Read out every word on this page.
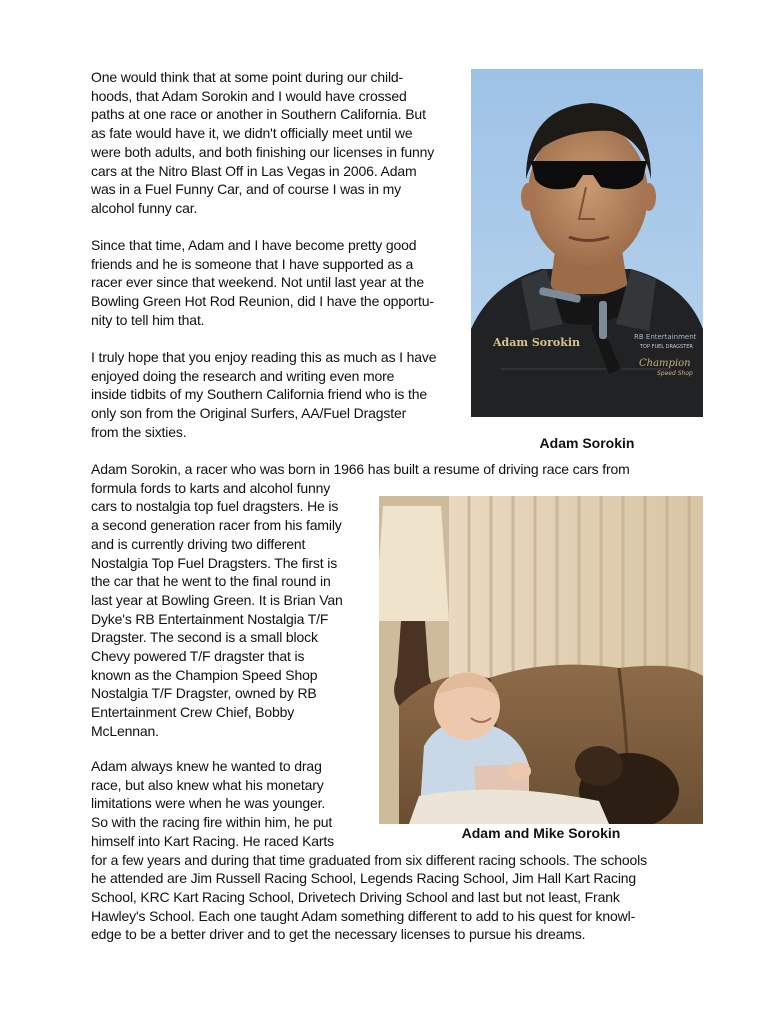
One would think that at some point during our child-
hoods, that Adam Sorokin and I would have crossed
paths at one race or another in Southern California. But
as fate would have it, we didn't officially meet until we
were both adults, and both finishing our licenses in funny
cars at the Nitro Blast Off in Las Vegas in 2006. Adam
was in a Fuel Funny Car, and of course I was in my
alcohol funny car.
Since that time, Adam and I have become pretty good
friends and he is someone that I have supported as a
racer ever since that weekend. Not until last year at the
Bowling Green Hot Rod Reunion, did I have the opportu-
nity to tell him that.
I truly hope that you enjoy reading this as much as I have
enjoyed doing the research and writing even more
inside tidbits of my Southern California friend who is the
only son from the Original Surfers, AA/Fuel Dragster
from the sixties.
Adam Sorokin	RB Entertainment
TOP FUEL DRAGSTER
Champion
Speed Shop

Adam Sorokin

Adam Sorokin, a racer who was born in 1966 has built a resume of driving race cars from
formula fords to karts and alcohol funny
cars to nostalgia top fuel dragsters. He is
a second generation racer from his family
and is currently driving two different
Nostalgia Top Fuel Dragsters. The first is
the car that he went to the final round in
last year at Bowling Green. It is Brian Van
Dyke's RB Entertainment Nostalgia T/F
Dragster. The second is a small block
Chevy powered T/F dragster that is
known as the Champion Speed Shop
Nostalgia T/F Dragster, owned by RB
Entertainment Crew Chief, Bobby
McLennan.

Adam and Mike Sorokin

Adam always knew he wanted to drag
race, but also knew what his monetary
limitations were when he was younger.
So with the racing fire within him, he put
himself into Kart Racing. He raced Karts
for a few years and during that time graduated from six different racing schools. The schools
he attended are Jim Russell Racing School, Legends Racing School, Jim Hall Kart Racing
School, KRC Kart Racing School, Drivetech Driving School and last but not least, Frank
Hawley's School. Each one taught Adam something different to add to his quest for knowl-
edge to be a better driver and to get the necessary licenses to pursue his dreams.
